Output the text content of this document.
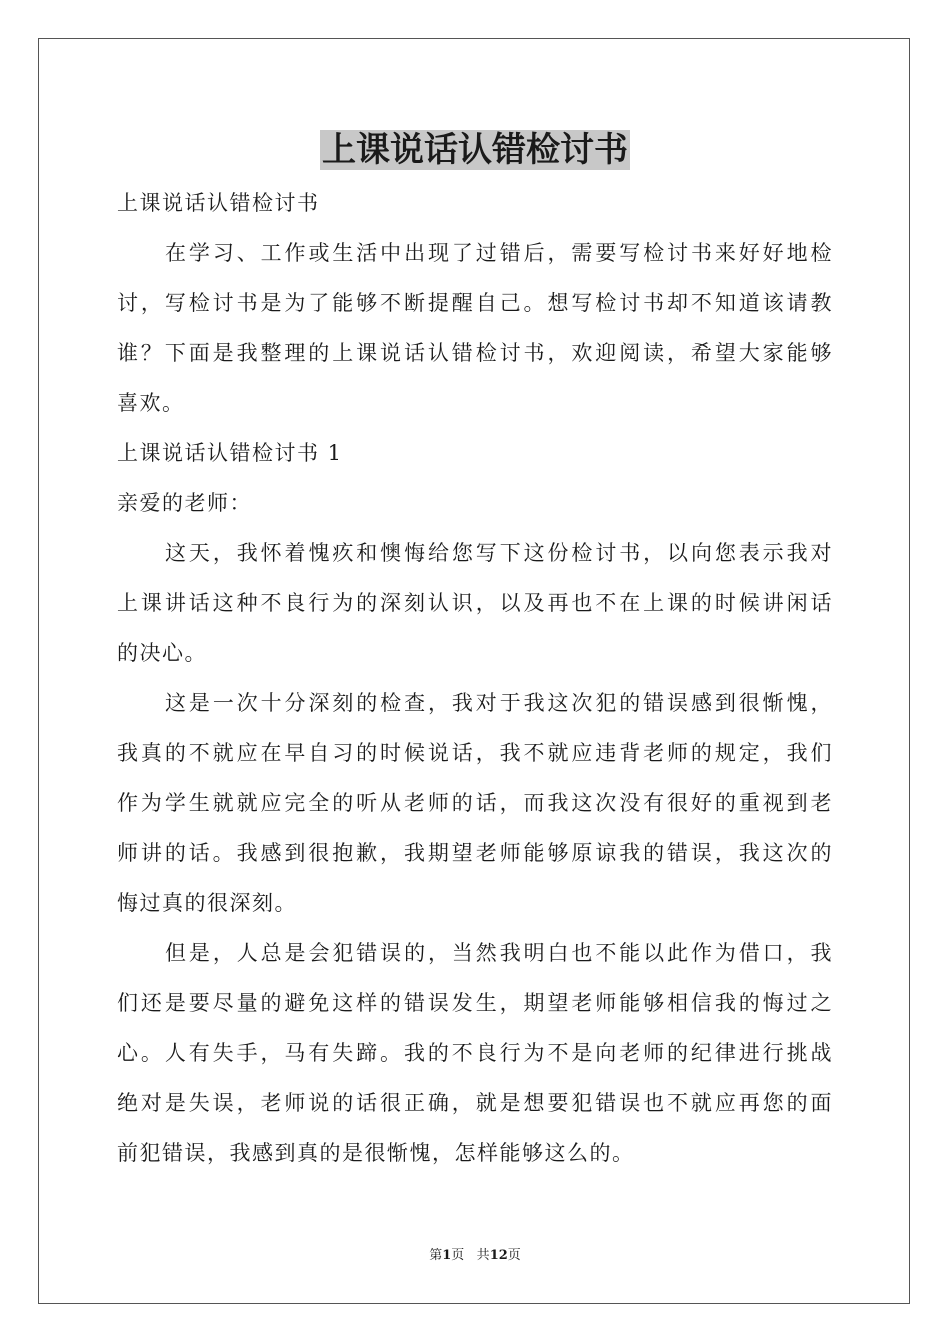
上课说话认错检讨书
上课说话认错检讨书
在学习、工作或生活中出现了过错后，需要写检讨书来好好地检
讨，写检讨书是为了能够不断提醒自己。想写检讨书却不知道该请教
谁？下面是我整理的上课说话认错检讨书，欢迎阅读，希望大家能够
喜欢。
上课说话认错检讨书 1
亲爱的老师：
这天，我怀着愧疚和懊悔给您写下这份检讨书，以向您表示我对
上课讲话这种不良行为的深刻认识，以及再也不在上课的时候讲闲话
的决心。
这是一次十分深刻的检查，我对于我这次犯的错误感到很惭愧，
我真的不就应在早自习的时候说话，我不就应违背老师的规定，我们
作为学生就就应完全的听从老师的话，而我这次没有很好的重视到老
师讲的话。我感到很抱歉，我期望老师能够原谅我的错误，我这次的
悔过真的很深刻。
但是，人总是会犯错误的，当然我明白也不能以此作为借口，我
们还是要尽量的避免这样的错误发生，期望老师能够相信我的悔过之
心。人有失手，马有失蹄。我的不良行为不是向老师的纪律进行挑战
绝对是失误，老师说的话很正确，就是想要犯错误也不就应再您的面
前犯错误，我感到真的是很惭愧，怎样能够这么的。
第1页 共12页
